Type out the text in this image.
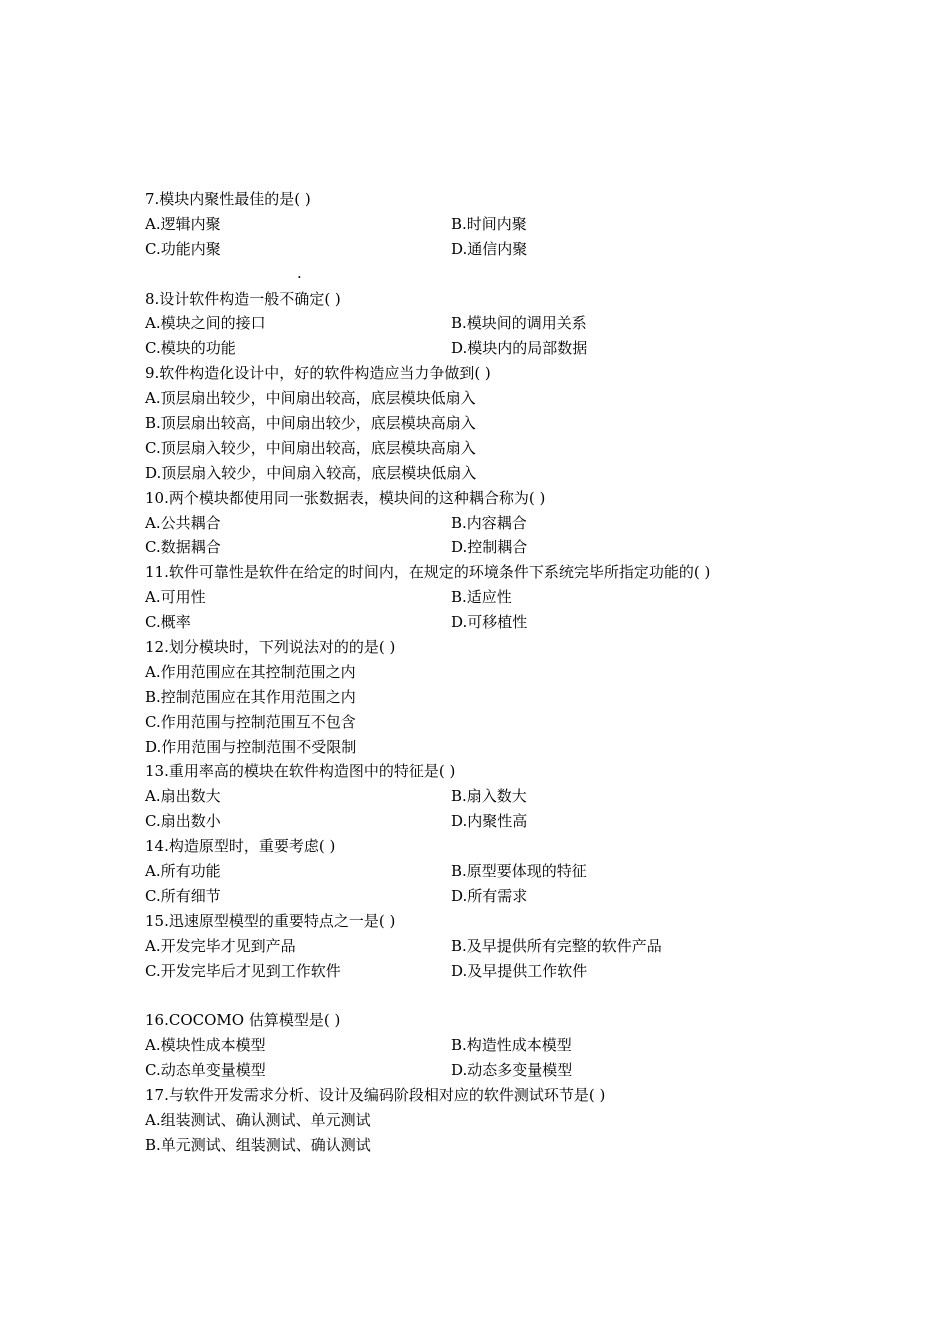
7.模块内聚性最佳的是( )
A.逻辑内聚	B.时间内聚
C.功能内聚	D.通信内聚
.
8.设计软件构造一般不确定( )
A.模块之间的接口	B.模块间的调用关系
C.模块的功能	D.模块内的局部数据
9.软件构造化设计中，好的软件构造应当力争做到( )
A.顶层扇出较少，中间扇出较高，底层模块低扇入
B.顶层扇出较高，中间扇出较少，底层模块高扇入
C.顶层扇入较少，中间扇出较高，底层模块高扇入
D.顶层扇入较少，中间扇入较高，底层模块低扇入
10.两个模块都使用同一张数据表，模块间的这种耦合称为( )
A.公共耦合	B.内容耦合
C.数据耦合	D.控制耦合
11.软件可靠性是软件在给定的时间内，在规定的环境条件下系统完毕所指定功能的( )
A.可用性	B.适应性
C.概率	D.可移植性
12.划分模块时，下列说法对的的是( )
A.作用范围应在其控制范围之内
B.控制范围应在其作用范围之内
C.作用范围与控制范围互不包含
D.作用范围与控制范围不受限制
13.重用率高的模块在软件构造图中的特征是( )
A.扇出数大	B.扇入数大
C.扇出数小	D.内聚性高
14.构造原型时，重要考虑( )
A.所有功能	B.原型要体现的特征
C.所有细节	D.所有需求
15.迅速原型模型的重要特点之一是( )
A.开发完毕才见到产品	B.及早提供所有完整的软件产品
C.开发完毕后才见到工作软件	D.及早提供工作软件
16.COCOMO 估算模型是( )
A.模块性成本模型	B.构造性成本模型
C.动态单变量模型	D.动态多变量模型
17.与软件开发需求分析、设计及编码阶段相对应的软件测试环节是( )
A.组装测试、确认测试、单元测试
B.单元测试、组装测试、确认测试
